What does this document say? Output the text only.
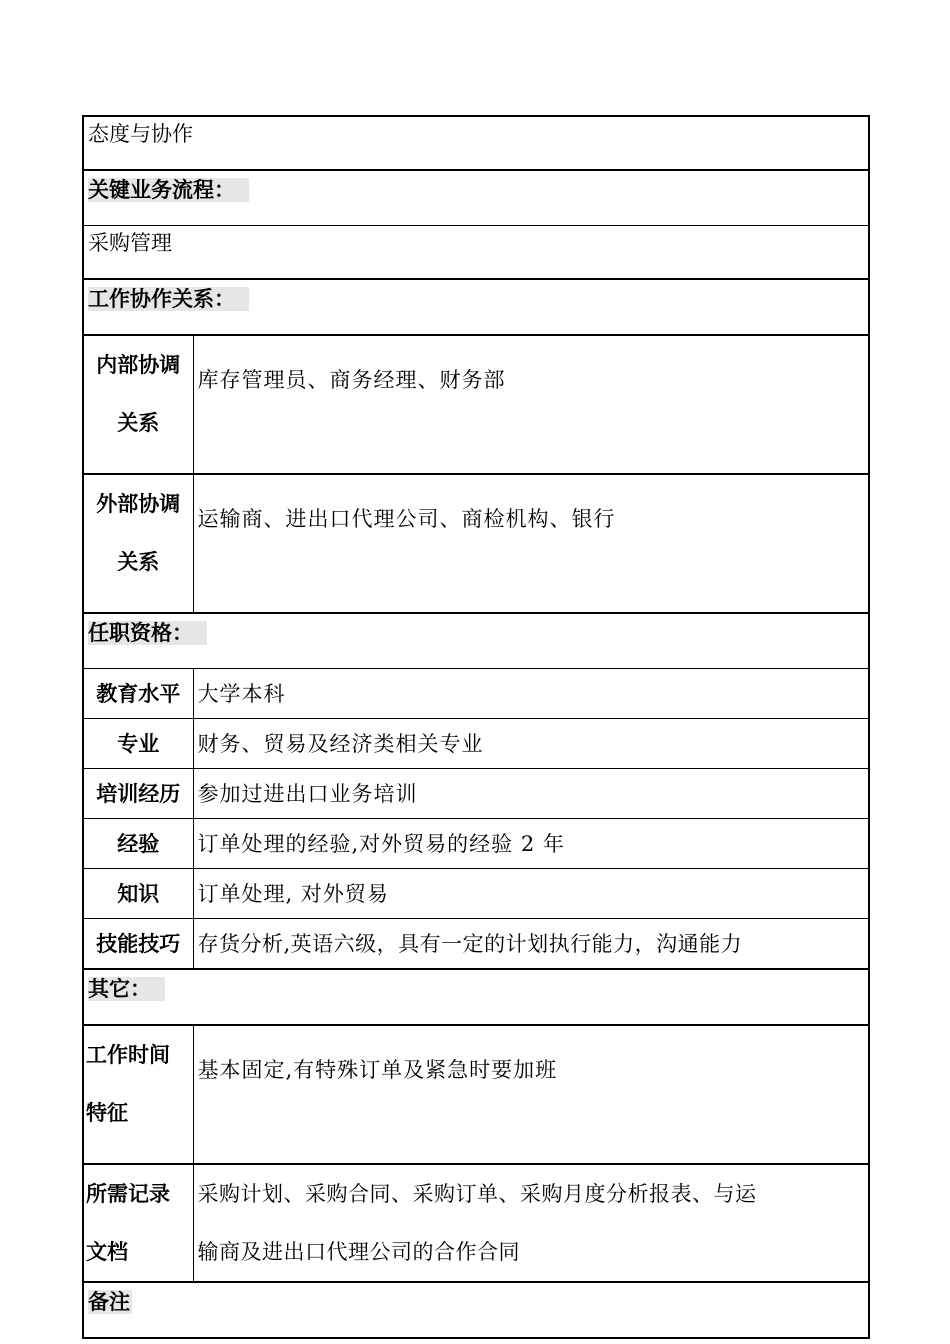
态度与协作	
关键业务流程：	
采购管理	
工作协作关系：	

内部协调
关系	库存管理员、商务经理、财务部

外部协调
关系	运输商、进出口代理公司、商检机构、银行
任职资格：	
教育水平	大学本科
专业	财务、贸易及经济类相关专业
培训经历	参加过进出口业务培训
经验	订单处理的经验,对外贸易的经验 2 年
知识	订单处理, 对外贸易
技能技巧	存货分析,英语六级，具有一定的计划执行能力，沟通能力
其它：	

工作时间
特征	基本固定,有特殊订单及紧急时要加班

所需记录
文档	采购计划、采购合同、采购订单、采购月度分析报表、与运
输商及进出口代理公司的合作合同

备注	
